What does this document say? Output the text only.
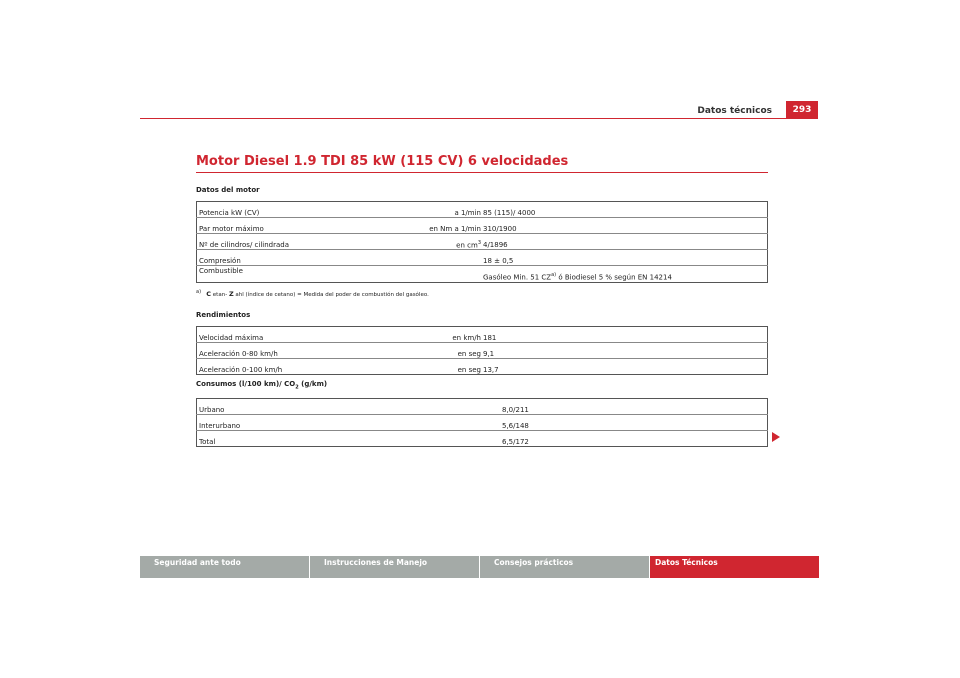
Datos técnicos	293
Motor Diesel 1.9 TDI 85 kW (115 CV) 6 velocidades
Datos del motor
Potencia kW (CV)	a 1/min	85 (115)/ 4000
Par motor máximo	en Nm a 1/min	310/1900
Nº de cilindros/ cilindrada	en $cm^3$	4/1896
Compresión		18 ± 0,5
Combustible		Gasóleo Min. 51 CZ$^{a)}$ ó Biodiesel 5 % según EN 14214
$^{a)}$ C etan- Z ahl (índice de cetano) = Medida del poder de combustión del gasóleo.
Rendimientos
Velocidad máxima	en km/h	181
Aceleración 0-80 km/h	en seg	9,1
Aceleración 0-100 km/h	en seg	13,7
Consumos (l/100 km)/ $CO_2$ (g/km)
Urbano	8,0/211
Interurbano	5,6/148
Total	6,5/172
Seguridad ante todo	Instrucciones de Manejo	Consejos prácticos	Datos Técnicos
